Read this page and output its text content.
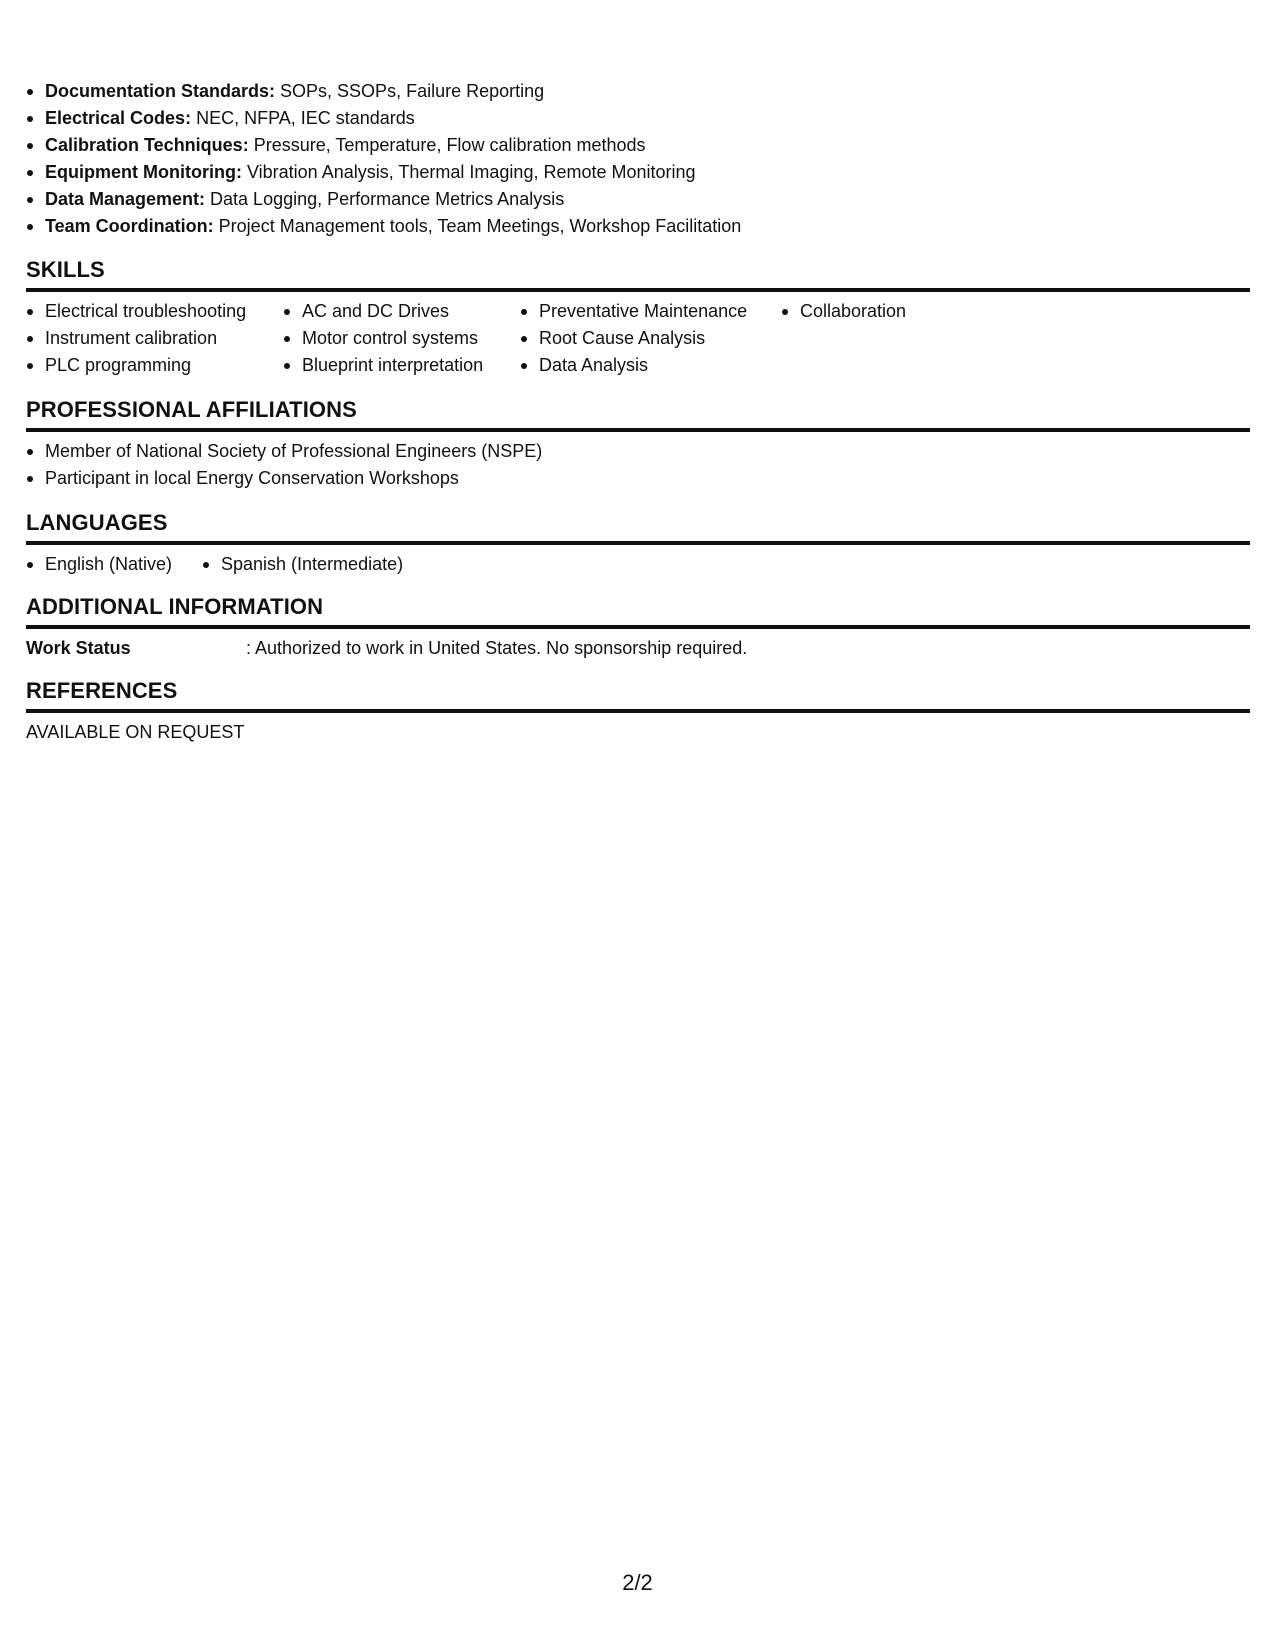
Documentation Standards: SOPs, SSOPs, Failure Reporting
Electrical Codes: NEC, NFPA, IEC standards
Calibration Techniques: Pressure, Temperature, Flow calibration methods
Equipment Monitoring: Vibration Analysis, Thermal Imaging, Remote Monitoring
Data Management: Data Logging, Performance Metrics Analysis
Team Coordination: Project Management tools, Team Meetings, Workshop Facilitation
SKILLS
Electrical troubleshooting
Instrument calibration
PLC programming
AC and DC Drives
Motor control systems
Blueprint interpretation
Preventative Maintenance
Root Cause Analysis
Data Analysis
Collaboration
PROFESSIONAL AFFILIATIONS
Member of National Society of Professional Engineers (NSPE)
Participant in local Energy Conservation Workshops
LANGUAGES
English (Native)	Spanish (Intermediate)
ADDITIONAL INFORMATION
Work Status	: Authorized to work in United States. No sponsorship required.
REFERENCES
AVAILABLE ON REQUEST
2/2
